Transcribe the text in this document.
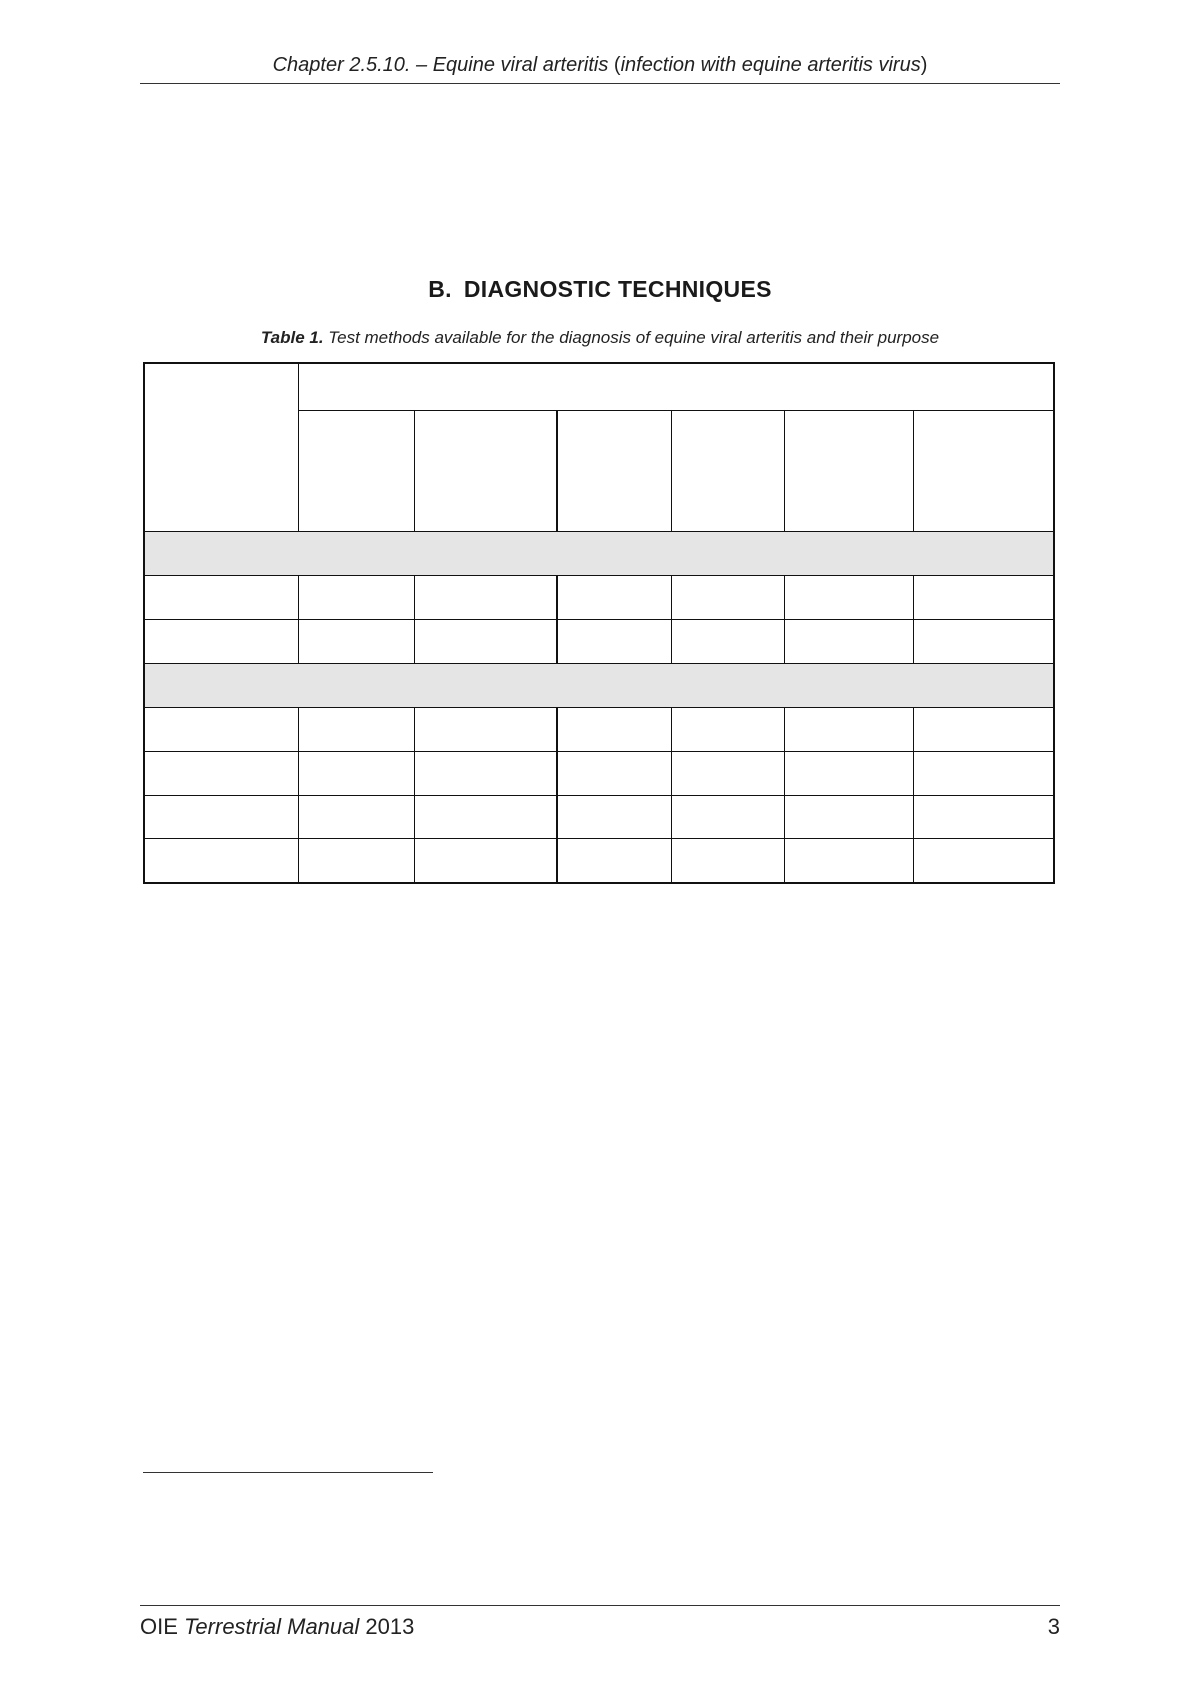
Chapter 2.5.10. – Equine viral arteritis (infection with equine arteritis virus)
B. DIAGNOSTIC TECHNIQUES
Table 1. Test methods available for the diagnosis of equine viral arteritis and their purpose

OIE Terrestrial Manual 2013	3
